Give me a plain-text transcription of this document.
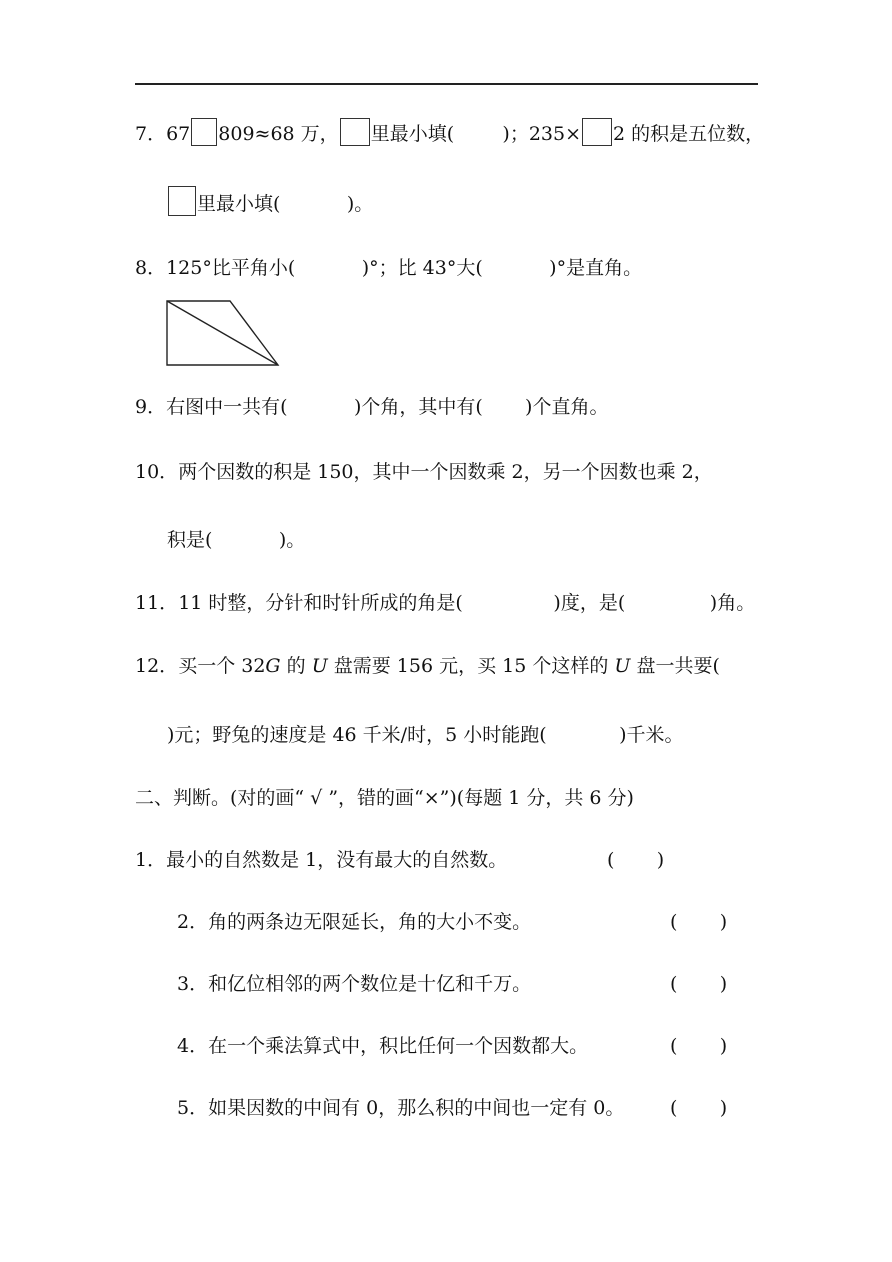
7． 67 809≈68 万， 里最小填(        )；235× 2 的积是五位数，
里最小填(           )。
8． 125°比平角小(           )°；比 43°大(           )°是直角。
9． 右图中一共有(           )个角，其中有(       )个直角。
10． 两个因数的积是 150，其中一个因数乘 2，另一个因数也乘 2，
积是(           )。
11． 11 时整，分针和时针所成的角是(               )度，是(              )角。
12． 买一个 32 G 的 U 盘需要 156 元，买 15 个这样的 U 盘一共要(
)元；野兔的速度是 46 千米/时，5 小时能跑(            )千米。
二、判断。(对的画“ √ ”，错的画“×”)(每题 1 分，共 6 分)
1． 最小的自然数是 1，没有最大的自然数。	(       )
2． 角的两条边无限延长，角的大小不变。	(       )
3． 和亿位相邻的两个数位是十亿和千万。	(       )
4． 在一个乘法算式中，积比任何一个因数都大。	(       )
5． 如果因数的中间有 0，那么积的中间也一定有 0。 (       )
